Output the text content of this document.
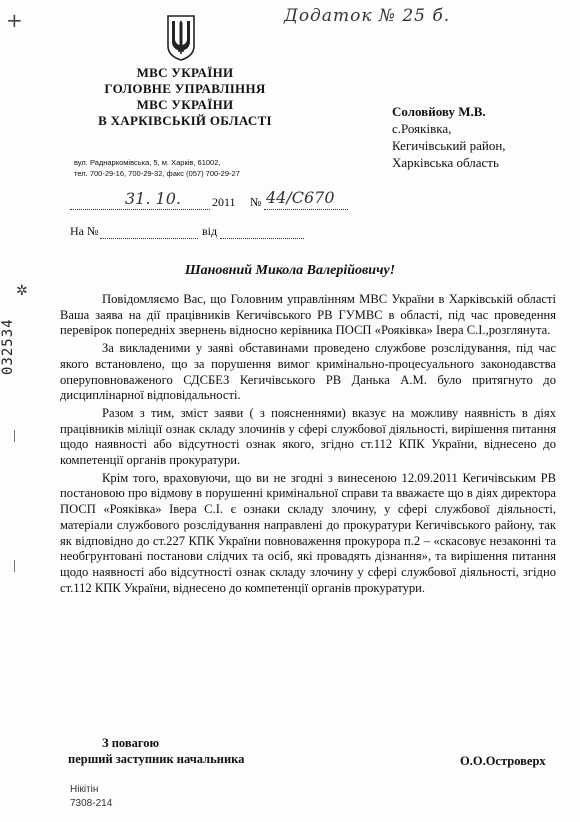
+
✲
032534
Додаток № 25 б.
МВС УКРАЇНИ
ГОЛОВНЕ УПРАВЛІННЯ
МВС УКРАЇНИ
В ХАРКІВСЬКІЙ ОБЛАСТІ
вул. Раднаркомівська, 5, м. Харків, 61002,
тел. 700-29-16, 700-29-32, факс (057) 700-29-27
Соловйову М.В.
с.Рояківка,
Кегичівський район,
Харківська область
31. 10.	2011 № 44/С670
На №	від
Шановний Микола Валерійовичу!

Повідомляємо Вас, що Головним управлінням МВС України в Харківській області Ваша заява на дії працівників Кегичівського РВ ГУМВС в області, під час проведення перевірок попередніх звернень відносно керівника ПОСП «Рояківка» Івера С.І.,розглянута.

За викладеними у заяві обставинами проведено службове розслідування, під час якого встановлено, що за порушення вимог кримінально-процесуального законодавства оперуповноваженого СДСБЕЗ Кегичівського РВ Данька А.М. було притягнуто до дисциплінарної відповідальності.

Разом з тим, зміст заяви ( з поясненнями) вказує на можливу наявність в діях працівників міліції ознак складу злочинів у сфері службової діяльності, вирішення питання щодо наявності або відсутності ознак якого, згідно ст.112 КПК України, віднесено до компетенції органів прокуратури.

Крім того, враховуючи, що ви не згодні з винесеною 12.09.2011 Кегичівським РВ постановою про відмову в порушенні кримінальної справи та вважаєте що в діях директора ПОСП «Рояківка» Івера С.І. є ознаки складу злочину, у сфері службової діяльності, матеріали службового розслідування направлені до прокуратури Кегичівського району, так як відповідно до ст.227 КПК України повноваження прокурора п.2 – «скасовує незаконні та необгрунтовані постанови слідчих та осіб, які провадять дізнання», та вирішення питання щодо наявності або відсутності ознак складу злочину у сфері службової діяльності, згідно ст.112 КПК України, віднесено до компетенції органів прокуратури.

З повагою
перший заступник начальника	О.О.Островерх
Нікітін
7308-214
